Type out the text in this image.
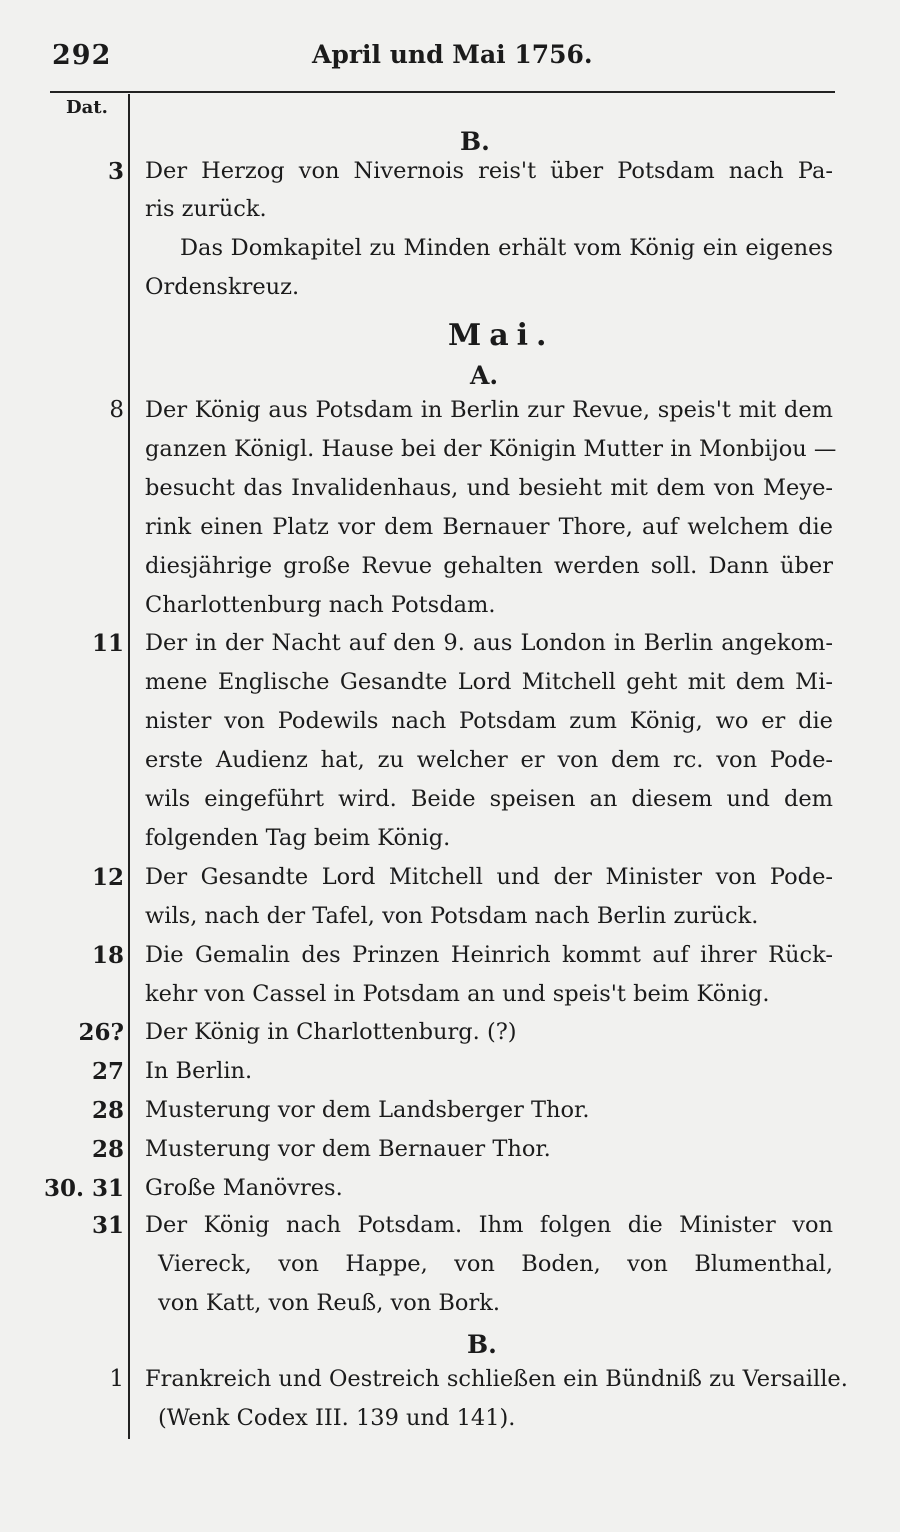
292	April und Mai 1756.
Dat.
B.
3 Der Herzog von Nivernois reis't über Potsdam nach Pa-
ris zurück.
Das Domkapitel zu Minden erhält vom König ein eigenes
Ordenskreuz.
Mai.
A.
8 Der König aus Potsdam in Berlin zur Revue, speis't mit dem
ganzen Königl. Hause bei der Königin Mutter in Monbijou —
besucht das Invalidenhaus, und besieht mit dem von Meye-
rink einen Platz vor dem Bernauer Thore, auf welchem die
diesjährige große Revue gehalten werden soll. Dann über
Charlottenburg nach Potsdam.
11 Der in der Nacht auf den 9. aus London in Berlin angekom-
mene Englische Gesandte Lord Mitchell geht mit dem Mi-
nister von Podewils nach Potsdam zum König, wo er die
erste Audienz hat, zu welcher er von dem rc. von Pode-
wils eingeführt wird. Beide speisen an diesem und dem
folgenden Tag beim König.
12 Der Gesandte Lord Mitchell und der Minister von Pode-
wils, nach der Tafel, von Potsdam nach Berlin zurück.
18 Die Gemalin des Prinzen Heinrich kommt auf ihrer Rück-
kehr von Cassel in Potsdam an und speis't beim König.
26? Der König in Charlottenburg. (?)
27 In Berlin.
28 Musterung vor dem Landsberger Thor.
28 Musterung vor dem Bernauer Thor.
30. 31 Große Manövres.
31 Der König nach Potsdam. Ihm folgen die Minister von
Viereck, von Happe, von Boden, von Blumenthal,
von Katt, von Reuß, von Bork.
B.
1 Frankreich und Oestreich schließen ein Bündniß zu Versaille.
(Wenk Codex III. 139 und 141).
